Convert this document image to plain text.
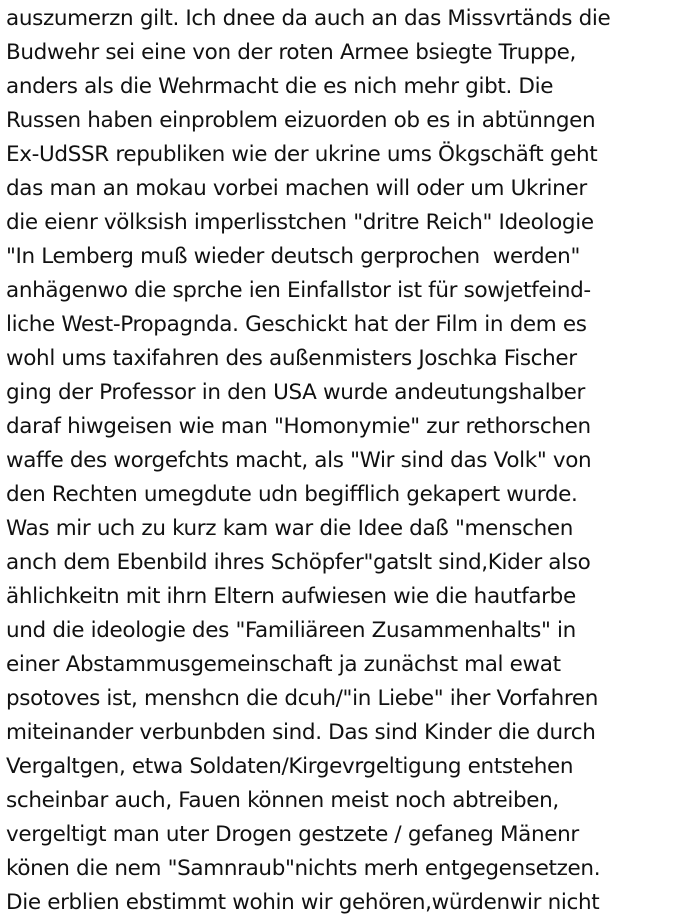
auszumerzn gilt. Ich dnee da auch an das Missvrtänds die
Budwehr sei eine von der roten Armee bsiegte Truppe,
anders als die Wehrmacht die es nich mehr gibt. Die
Russen haben einproblem eizuorden ob es in abtünngen
Ex-UdSSR republiken wie der ukrine ums Ökgschäft geht
das man an mokau vorbei machen will oder um Ukriner
die eienr völksish imperlisstchen "dritre Reich" Ideologie
"In Lemberg muß wieder deutsch gerprochen  werden"
anhägenwo die sprche ien Einfallstor ist für sowjetfeind-
liche West-Propagnda. Geschickt hat der Film in dem es
wohl ums taxifahren des außenmisters Joschka Fischer
ging der Professor in den USA wurde andeutungshalber
daraf hiwgeisen wie man "Homonymie" zur rethorschen
waffe des worgefchts macht, als "Wir sind das Volk" von
den Rechten umegdute udn begifflich gekapert wurde.
Was mir uch zu kurz kam war die Idee daß "menschen
anch dem Ebenbild ihres Schöpfer"gatslt sind,Kider also
ählichkeitn mit ihrn Eltern aufwiesen wie die hautfarbe
und die ideologie des "Familiäreen Zusammenhalts" in
einer Abstammusgemeinschaft ja zunächst mal ewat
psotoves ist, menshcn die dcuh/"in Liebe" iher Vorfahren
miteinander verbunbden sind. Das sind Kinder die durch
Vergaltgen, etwa Soldaten/Kirgevrgeltigung entstehen
scheinbar auch, Fauen können meist noch abtreiben,
vergeltigt man uter Drogen gestzete / gefaneg Mänenr
könen die nem "Samnraub"nichts merh entgegensetzen.
Die erblien ebstimmt wohin wir gehören,würdenwir nicht
